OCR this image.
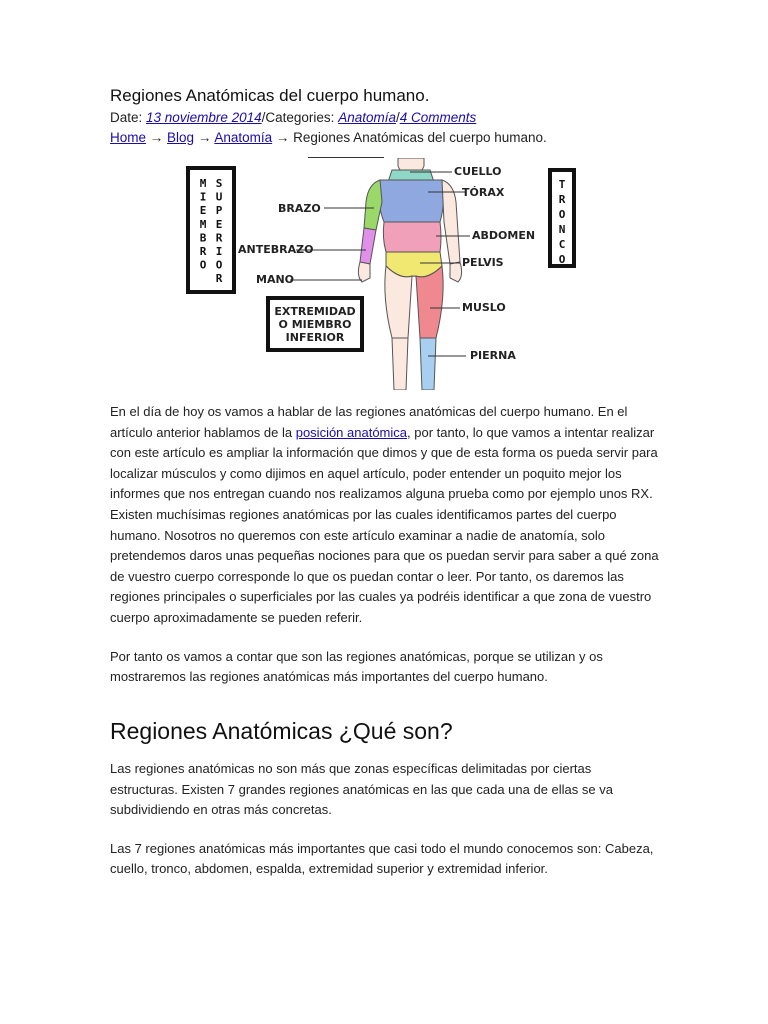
Regiones Anatómicas del cuerpo humano.
Date: 13 noviembre 2014/Categories: Anatomía/4 Comments
Home → Blog → Anatomía → Regiones Anatómicas del cuerpo humano.
M
I
E
M
B
R
O
S
U
P
E
R
I
O
R
T
R
O
N
C
O
CUELLO
TÓRAX
BRAZO
ABDOMEN
ANTEBRAZO
PELVIS
MANO
MUSLO
PIERNA
EXTREMIDAD
O MIEMBRO
INFERIOR

En el día de hoy os vamos a hablar de las regiones anatómicas del cuerpo humano. En el artículo anterior hablamos de la posición anatómica, por tanto, lo que vamos a intentar realizar con este artículo es ampliar la información que dimos y que de esta forma os pueda servir para localizar músculos y como dijimos en aquel artículo, poder entender un poquito mejor los informes que nos entregan cuando nos realizamos alguna prueba como por ejemplo unos RX.

Existen muchísimas regiones anatómicas por las cuales identificamos partes del cuerpo humano. Nosotros no queremos con este artículo examinar a nadie de anatomía, solo pretendemos daros unas pequeñas nociones para que os puedan servir para saber a qué zona de vuestro cuerpo corresponde lo que os puedan contar o leer. Por tanto, os daremos las regiones principales o superficiales por las cuales ya podréis identificar a que zona de vuestro cuerpo aproximadamente se pueden referir.

Por tanto os vamos a contar que son las regiones anatómicas, porque se utilizan y os mostraremos las regiones anatómicas más importantes del cuerpo humano.

Regiones Anatómicas ¿Qué son?

Las regiones anatómicas no son más que zonas específicas delimitadas por ciertas estructuras. Existen 7 grandes regiones anatómicas en las que cada una de ellas se va subdividiendo en otras más concretas.

Las 7 regiones anatómicas más importantes que casi todo el mundo conocemos son: Cabeza, cuello, tronco, abdomen, espalda, extremidad superior y extremidad inferior.
